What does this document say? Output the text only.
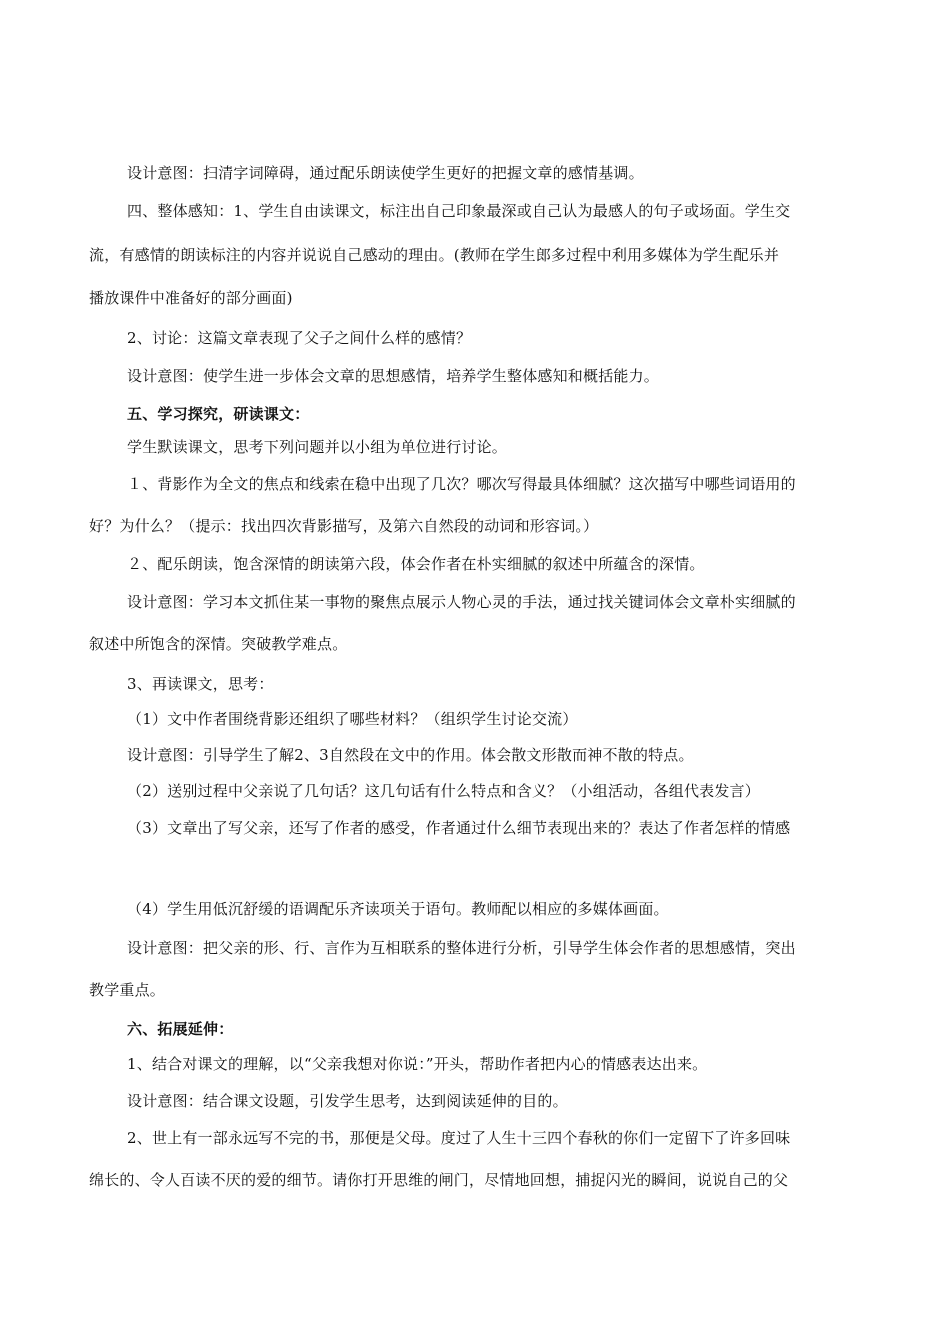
设计意图：扫清字词障碍，通过配乐朗读使学生更好的把握文章的感情基调。
四、整体感知：1、学生自由读课文，标注出自己印象最深或自己认为最感人的句子或场面。学生交
流，有感情的朗读标注的内容并说说自己感动的理由。(教师在学生郎多过程中利用多媒体为学生配乐并
播放课件中准备好的部分画面)
2、讨论：这篇文章表现了父子之间什么样的感情？
设计意图：使学生进一步体会文章的思想感情，培养学生整体感知和概括能力。
五、学习探究，研读课文：
学生默读课文，思考下列问题并以小组为单位进行讨论。
１、背影作为全文的焦点和线索在稳中出现了几次？哪次写得最具体细腻？这次描写中哪些词语用的
好？为什么？（提示：找出四次背影描写，及第六自然段的动词和形容词。）
２、配乐朗读，饱含深情的朗读第六段，体会作者在朴实细腻的叙述中所蕴含的深情。
设计意图：学习本文抓住某一事物的聚焦点展示人物心灵的手法，通过找关键词体会文章朴实细腻的
叙述中所饱含的深情。突破教学难点。
3、再读课文，思考：
（1）文中作者围绕背影还组织了哪些材料？（组织学生讨论交流）
设计意图：引导学生了解2、3自然段在文中的作用。体会散文形散而神不散的特点。
（2）送别过程中父亲说了几句话？这几句话有什么特点和含义？（小组活动，各组代表发言）
（3）文章出了写父亲，还写了作者的感受，作者通过什么细节表现出来的？表达了作者怎样的情感
（4）学生用低沉舒缓的语调配乐齐读项关于语句。教师配以相应的多媒体画面。
设计意图：把父亲的形、行、言作为互相联系的整体进行分析，引导学生体会作者的思想感情，突出
教学重点。
六、拓展延伸：
1、结合对课文的理解，以“父亲我想对你说：”开头，帮助作者把内心的情感表达出来。
设计意图：结合课文设题，引发学生思考，达到阅读延伸的目的。
2、世上有一部永远写不完的书，那便是父母。度过了人生十三四个春秋的你们一定留下了许多回味
绵长的、令人百读不厌的爱的细节。请你打开思维的闸门，尽情地回想，捕捉闪光的瞬间，说说自己的父
